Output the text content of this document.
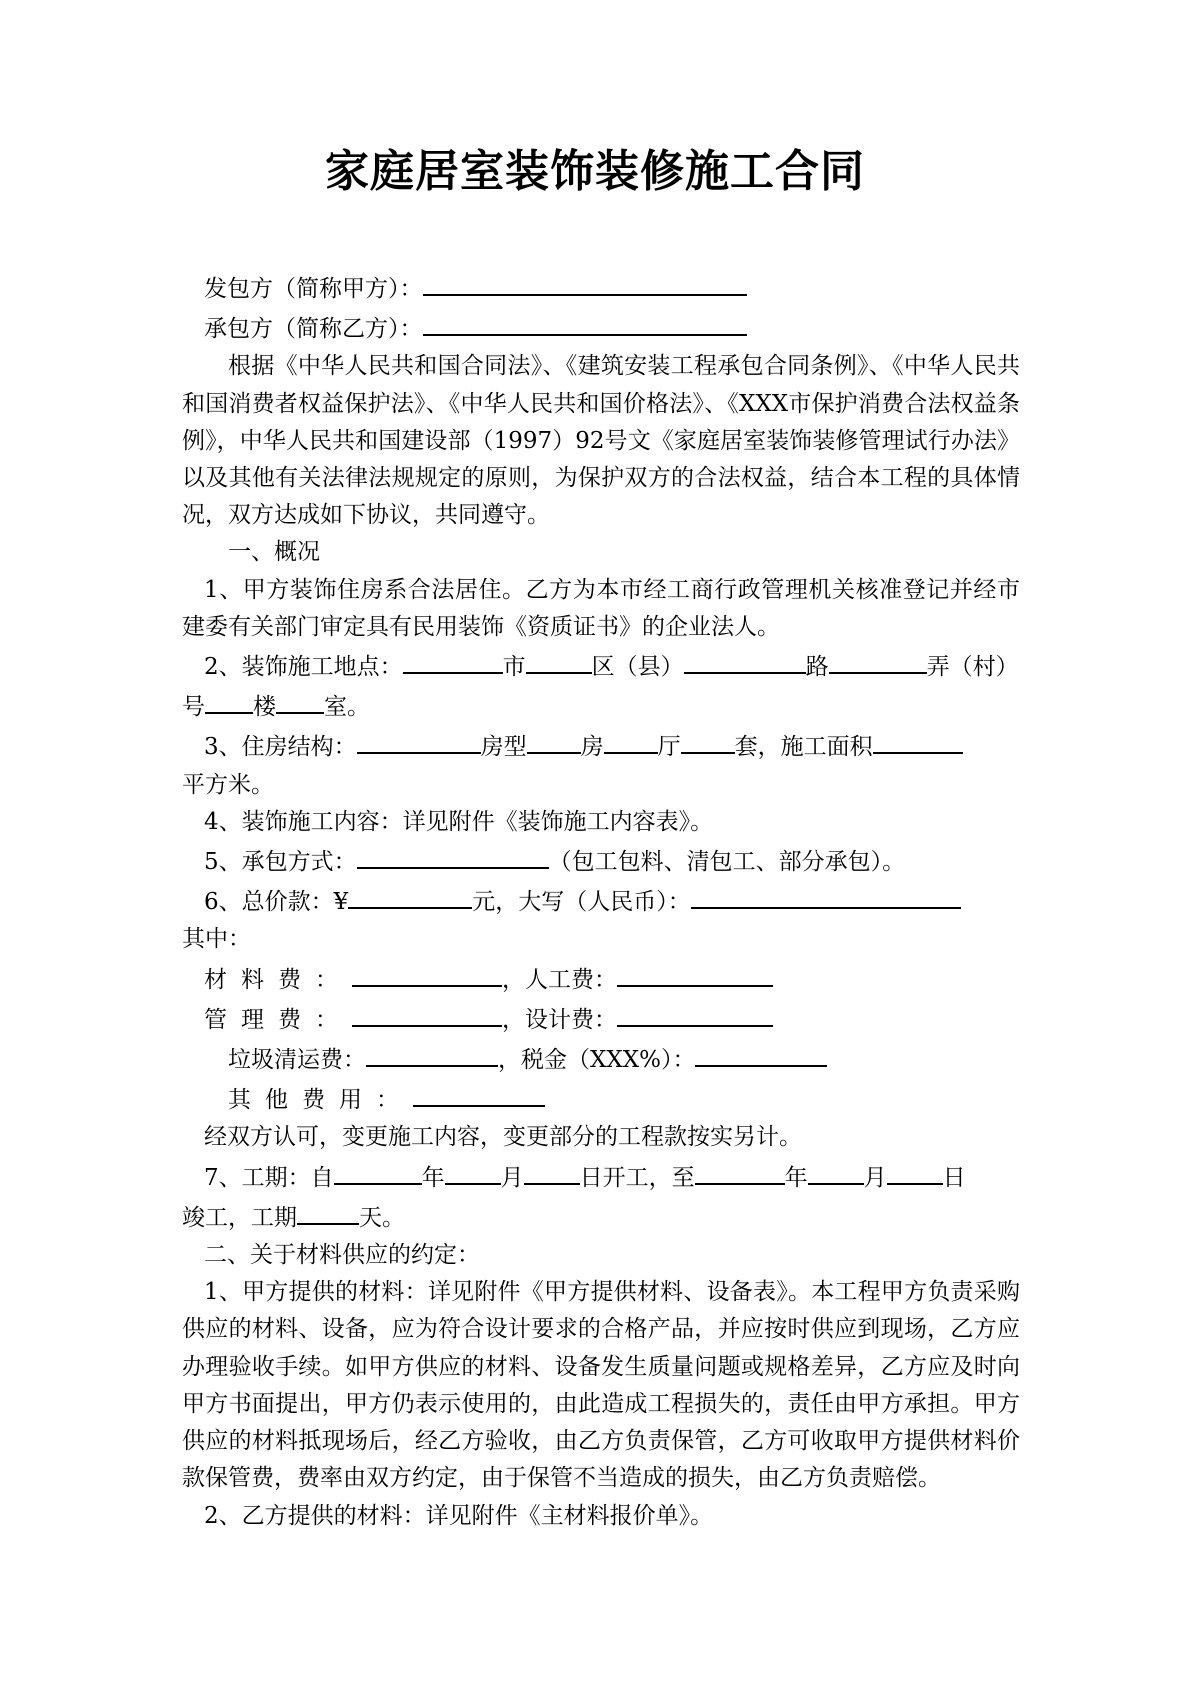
家庭居室装饰装修施工合同

发包方（简称甲方）：

承包方（简称乙方）：

根据《中华人民共和国合同法》、《建筑安装工程承包合同条例》、《中华人民共和国消费者权益保护法》、《中华人民共和国价格法》、《XXX市保护消费合法权益条例》，中华人民共和国建设部（1997）92号文《家庭居室装饰装修管理试行办法》以及其他有关法律法规规定的原则，为保护双方的合法权益，结合本工程的具体情况，双方达成如下协议，共同遵守。

一、概况

1、甲方装饰住房系合法居住。乙方为本市经工商行政管理机关核准登记并经市建委有关部门审定具有民用装饰《资质证书》的企业法人。

2、装饰施工地点：	市	区（县）	路	弄（村）

号 楼 室。

3、住房结构：	房型 房 厅 套，施工面积

平方米。

4、装饰施工内容：详见附件《装饰施工内容表》。

5、承包方式：	（包工包料、清包工、部分承包）。

6、总价款：¥	元，大写（人民币）：

其中：

材料费：	，人工费：

管理费：	，设计费：

垃圾清运费：	，税金（XXX%）：

其他费用：

经双方认可，变更施工内容，变更部分的工程款按实另计。

7、工期：自	年 月 日开工，至	年 月 日

竣工，工期	天。

二、关于材料供应的约定：

1、甲方提供的材料：详见附件《甲方提供材料、设备表》。本工程甲方负责采购供应的材料、设备，应为符合设计要求的合格产品，并应按时供应到现场，乙方应办理验收手续。如甲方供应的材料、设备发生质量问题或规格差异，乙方应及时向甲方书面提出，甲方仍表示使用的，由此造成工程损失的，责任由甲方承担。甲方供应的材料抵现场后，经乙方验收，由乙方负责保管，乙方可收取甲方提供材料价款保管费，费率由双方约定，由于保管不当造成的损失，由乙方负责赔偿。

2、乙方提供的材料：详见附件《主材料报价单》。
